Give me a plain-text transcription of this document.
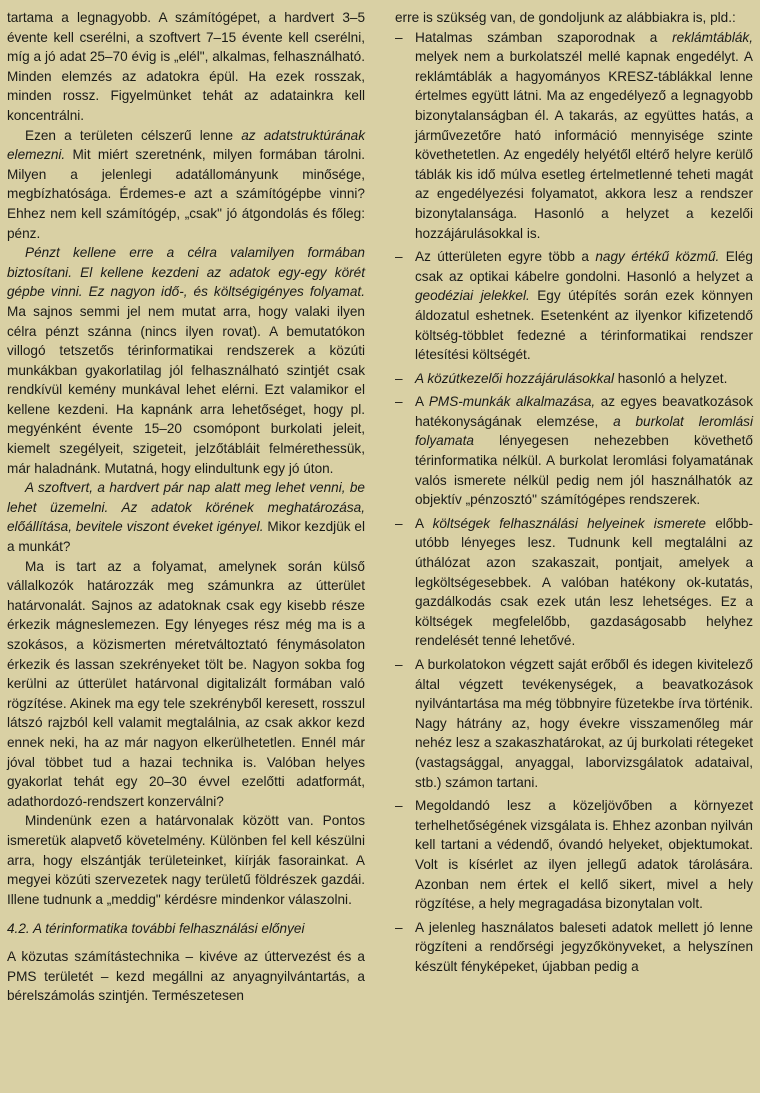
tartama a legnagyobb. A számítógépet, a hardvert 3–5 évente kell cserélni, a szoftvert 7–15 évente kell cserélni, míg a jó adat 25–70 évig is „elél", alkalmas, felhasználható. Minden elemzés az adatokra épül. Ha ezek rosszak, minden rossz. Figyelmünket tehát az adatainkra kell koncentrálni.

Ezen a területen célszerű lenne az adatstruktúrának elemezni. Mit miért szeretnénk, milyen formában tárolni. Milyen a jelenlegi adatállományunk minősége, megbízhatósága. Érdemes-e azt a számítógépbe vinni? Ehhez nem kell számítógép, „csak" jó átgondolás és főleg: pénz.

Pénzt kellene erre a célra valamilyen formában biztosítani. El kellene kezdeni az adatok egy-egy körét gépbe vinni. Ez nagyon idő-, és költségigényes folyamat. Ma sajnos semmi jel nem mutat arra, hogy valaki ilyen célra pénzt szánna (nincs ilyen rovat). A bemutatókon villogó tetszetős térinformatikai rendszerek a közúti munkákban gyakorlatilag jól felhasználható szintjét csak rendkívül kemény munkával lehet elérni. Ezt valamikor el kellene kezdeni. Ha kapnánk arra lehetőséget, hogy pl. megyénként évente 15–20 csomópont burkolati jeleit, kiemelt szegélyeit, szigeteit, jelzőtábláit felmérethessük, már haladnánk. Mutatná, hogy elindultunk egy jó úton.

A szoftvert, a hardvert pár nap alatt meg lehet venni, be lehet üzemelni. Az adatok körének meghatározása, előállítása, bevitele viszont éveket igényel. Mikor kezdjük el a munkát?

Ma is tart az a folyamat, amelynek során külső vállalkozók határozzák meg számunkra az útterület határvonalát. Sajnos az adatoknak csak egy kisebb része érkezik mágneslemezen. Egy lényeges rész még ma is a szokásos, a közismerten méretváltoztató fénymásolaton érkezik és lassan szekrényeket tölt be. Nagyon sokba fog kerülni az útterület határvonal digitalizált formában való rögzítése. Akinek ma egy tele szekrényből keresett, rosszul látszó rajzból kell valamit megtalálnia, az csak akkor kezd ennek neki, ha az már nagyon elkerülhetetlen. Ennél már jóval többet tud a hazai technika is. Valóban helyes gyakorlat tehát egy 20–30 évvel ezelőtti adatformát, adathordozó-rendszert konzerválni?

Mindenünk ezen a határvonalak között van. Pontos ismeretük alapvető követelmény. Különben fel kell készülni arra, hogy elszántják területeinket, kiírják fasorainkat. A megyei közúti szervezetek nagy területű földrészek gazdái. Illene tudnunk a „meddig" kérdésre mindenkor válaszolni.

4.2. A térinformatika további felhasználási előnyei

A közutas számítástechnika – kivéve az úttervezést és a PMS területét – kezd megállni az anyagnyilvántartás, a bérelszámolás szintjén. Természetesen

erre is szükség van, de gondoljunk az alábbiakra is, pld.:

– Hatalmas számban szaporodnak a reklámtáblák, melyek nem a burkolatszél mellé kapnak engedélyt. A reklámtáblák a hagyományos KRESZ-táblákkal lenne értelmes együtt látni. Ma az engedélyező a legnagyobb bizonytalanságban él. A takarás, az együttes hatás, a járművezetőre ható információ mennyisége szinte követhetetlen. Az engedély helyétől eltérő helyre kerülő táblák kis idő múlva esetleg értelmetlenné teheti magát az engedélyezési folyamatot, akkora lesz a rendszer bizonytalansága. Hasonló a helyzet a kezelői hozzájárulásokkal is.
– Az útterületen egyre több a nagy értékű közmű. Elég csak az optikai kábelre gondolni. Hasonló a helyzet a geodéziai jelekkel. Egy útépítés során ezek könnyen áldozatul eshetnek. Esetenként az ilyenkor kifizetendő költség-többlet fedezné a térinformatikai rendszer létesítési költségét.
– A közútkezelői hozzájárulásokkal hasonló a helyzet.
– A PMS-munkák alkalmazása, az egyes beavatkozások hatékonyságának elemzése, a burkolat leromlási folyamata lényegesen nehezebben követhető térinformatika nélkül. A burkolat leromlási folyamatának valós ismerete nélkül pedig nem jól használhatók az objektív „pénzosztó" számítógépes rendszerek.
– A költségek felhasználási helyeinek ismerete előbb-utóbb lényeges lesz. Tudnunk kell megtalálni az úthálózat azon szakaszait, pontjait, amelyek a legköltségesebbek. A valóban hatékony ok-kutatás, gazdálkodás csak ezek után lesz lehetséges. Ez a költségek megfelelőbb, gazdaságosabb helyhez rendelését tenné lehetővé.
– A burkolatokon végzett saját erőből és idegen kivitelező által végzett tevékenységek, a beavatkozások nyilvántartása ma még többnyire füzetekbe írva történik. Nagy hátrány az, hogy évekre visszamenőleg már nehéz lesz a szakaszhatárokat, az új burkolati rétegeket (vastagsággal, anyaggal, laborvizsgálatok adataival, stb.) számon tartani.
– Megoldandó lesz a közeljövőben a környezet terhelhetőségének vizsgálata is. Ehhez azonban nyilván kell tartani a védendő, óvandó helyeket, objektumokat. Volt is kísérlet az ilyen jellegű adatok tárolására. Azonban nem értek el kellő sikert, mivel a hely rögzítése, a hely megragadása bizonytalan volt.
– A jelenleg használatos baleseti adatok mellett jó lenne rögzíteni a rendőrségi jegyzőkönyveket, a helyszínen készült fényképeket, újabban pedig a
